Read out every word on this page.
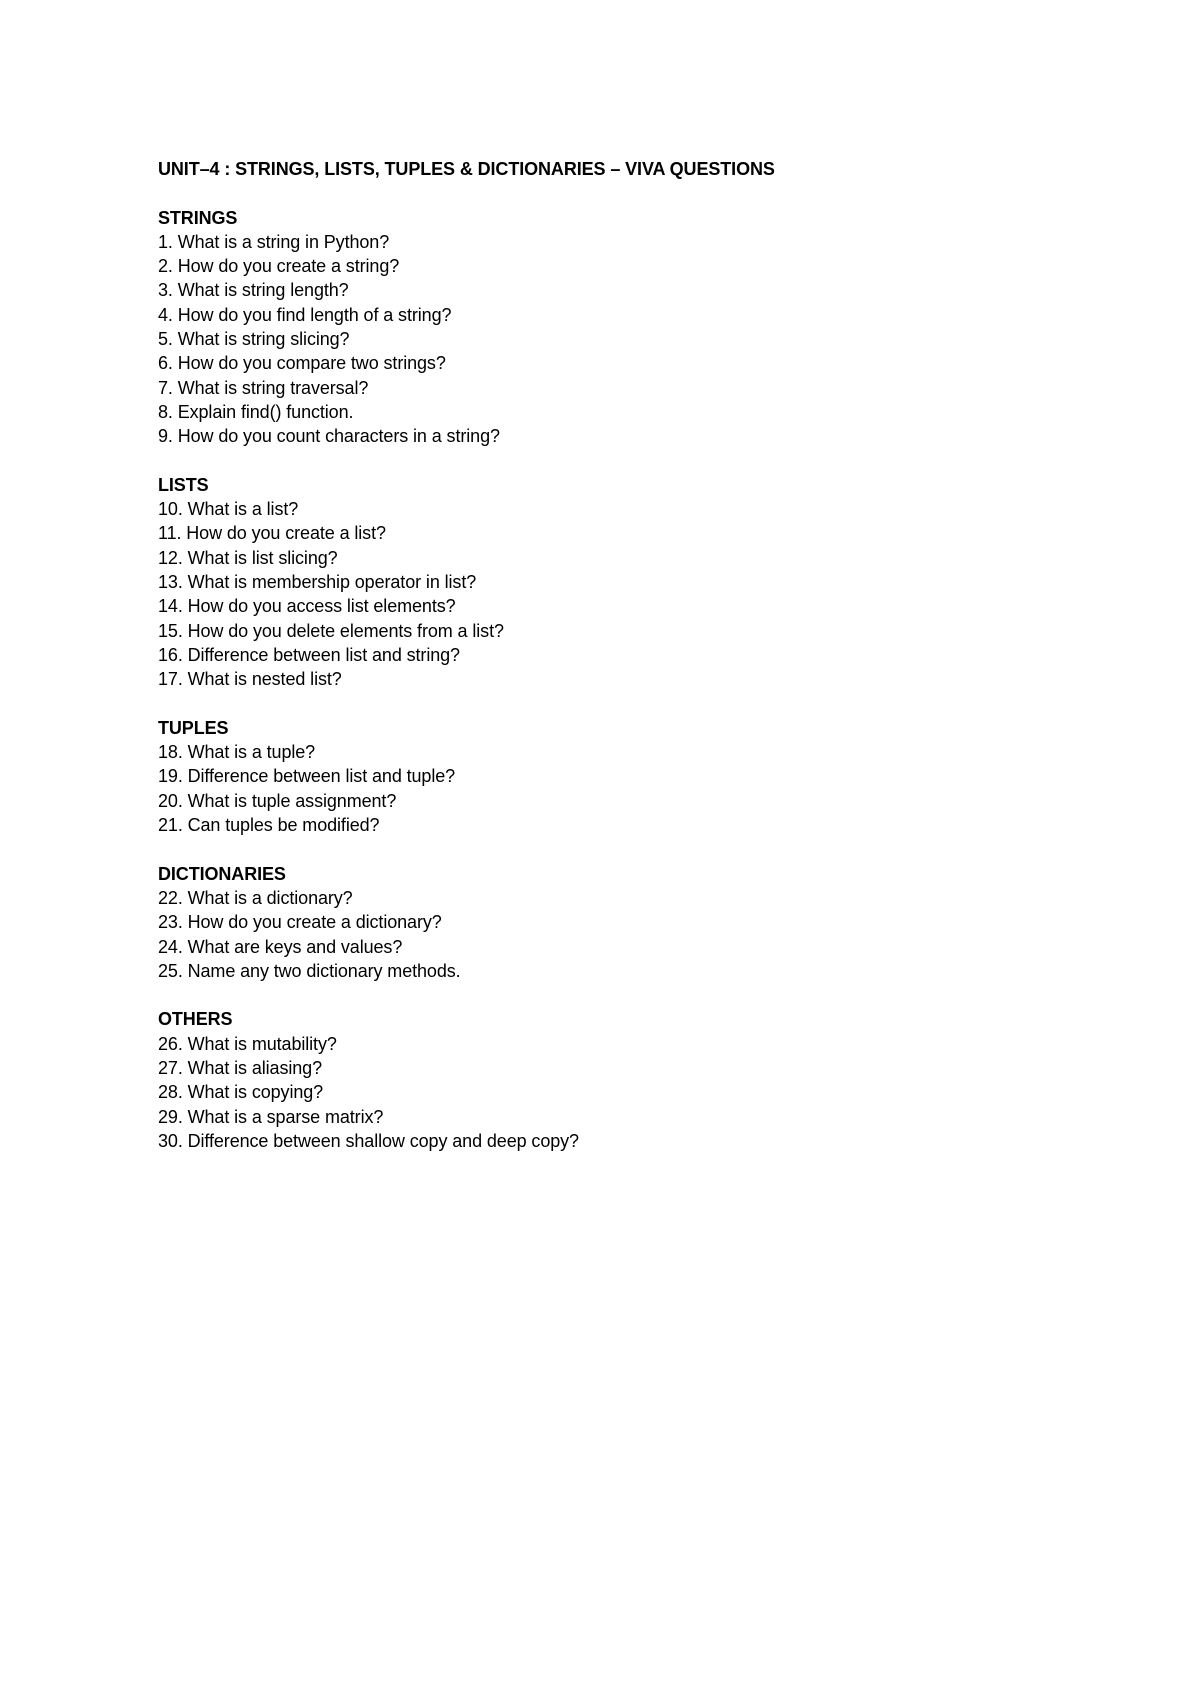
UNIT–4 : STRINGS, LISTS, TUPLES & DICTIONARIES – VIVA QUESTIONS
STRINGS
1. What is a string in Python?
2. How do you create a string?
3. What is string length?
4. How do you find length of a string?
5. What is string slicing?
6. How do you compare two strings?
7. What is string traversal?
8. Explain find() function.
9. How do you count characters in a string?
LISTS
10. What is a list?
11. How do you create a list?
12. What is list slicing?
13. What is membership operator in list?
14. How do you access list elements?
15. How do you delete elements from a list?
16. Difference between list and string?
17. What is nested list?
TUPLES
18. What is a tuple?
19. Difference between list and tuple?
20. What is tuple assignment?
21. Can tuples be modified?
DICTIONARIES
22. What is a dictionary?
23. How do you create a dictionary?
24. What are keys and values?
25. Name any two dictionary methods.
OTHERS
26. What is mutability?
27. What is aliasing?
28. What is copying?
29. What is a sparse matrix?
30. Difference between shallow copy and deep copy?
